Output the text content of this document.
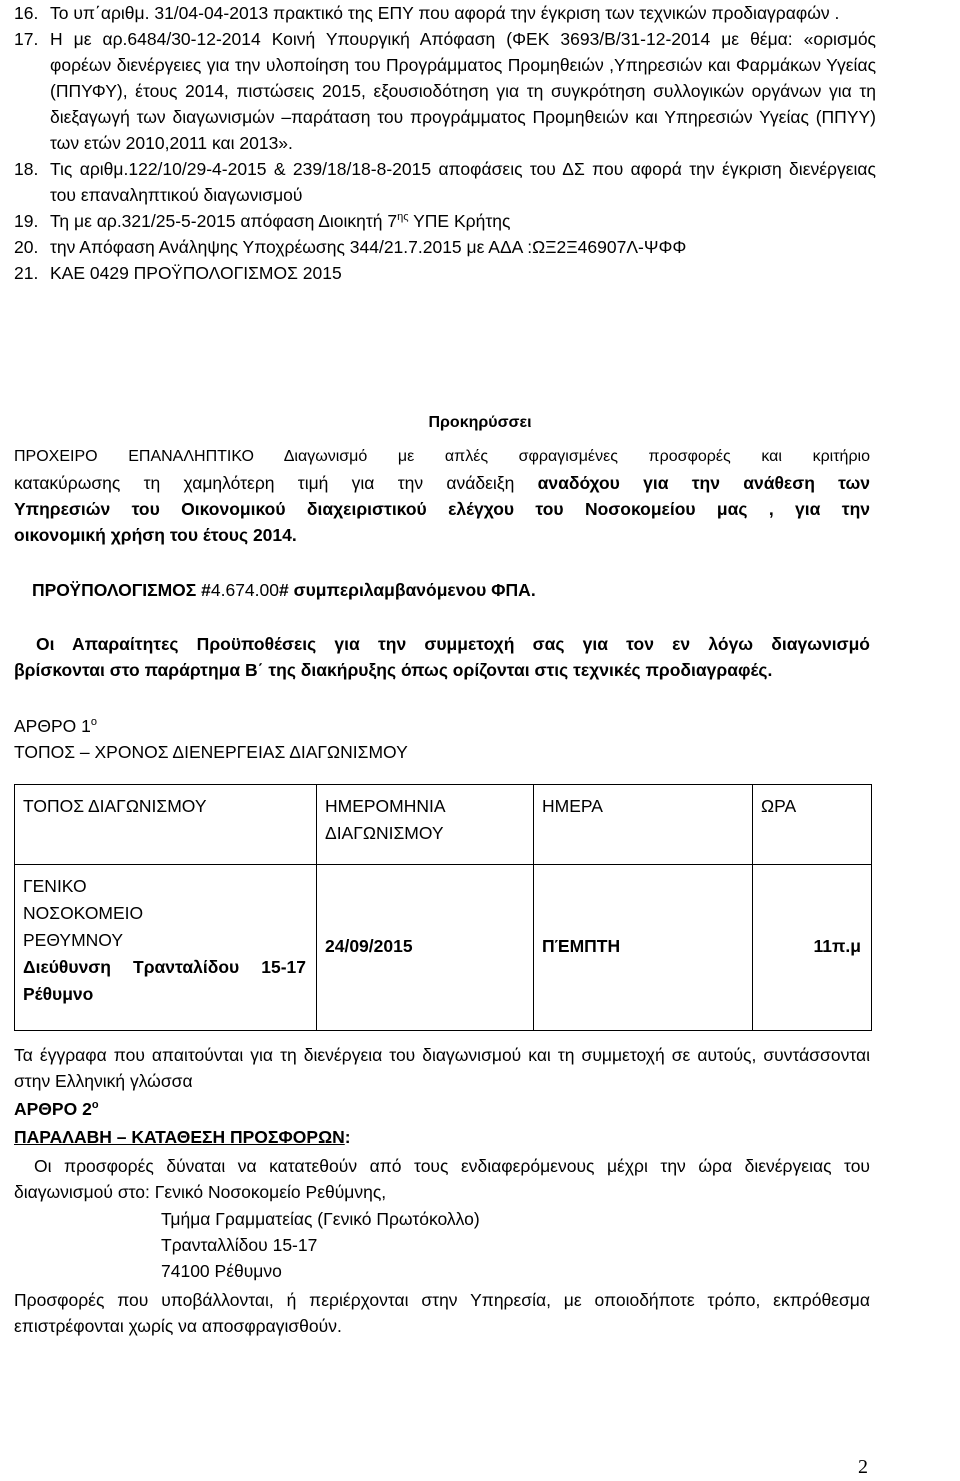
16. Το υπ΄αριθμ. 31/04-04-2013 πρακτικό της ΕΠΥ που αφορά την έγκριση των τεχνικών προδιαγραφών .
17. Η με αρ.6484/30-12-2014 Κοινή Υπουργική Απόφαση (ΦΕΚ 3693/Β/31-12-2014 με θέμα: «ορισμός φορέων διενέργειες για την υλοποίηση του Προγράμματος Προμηθειών ,Υπηρεσιών και Φαρμάκων Υγείας (ΠΠΥΦΥ), έτους 2014, πιστώσεις 2015, εξουσιοδότηση για τη συγκρότηση συλλογικών οργάνων για τη διεξαγωγή των διαγωνισμών –παράταση του προγράμματος Προμηθειών και Υπηρεσιών Υγείας (ΠΠΥΥ) των ετών 2010,2011 και 2013».
18. Τις αριθμ.122/10/29-4-2015 & 239/18/18-8-2015 αποφάσεις του ΔΣ που αφορά την έγκριση διενέργειας του επαναληπτικού διαγωνισμού
19. Τη με αρ.321/25-5-2015 απόφαση Διοικητή $7^{\eta\varsigma}$ ΥΠΕ Κρήτης
20. την Απόφαση Ανάληψης Υποχρέωσης 344/21.7.2015 με ΑΔΑ :ΩΞ2Ξ46907Λ-ΨΦΦ
21. ΚΑΕ 0429 ΠΡΟΫΠΟΛΟΓΙΣΜΟΣ 2015
Προκηρύσσει
ΠΡΟΧΕΙΡΟ ΕΠΑΝΑΛΗΠΤΙΚΟ Διαγωνισμό με απλές σφραγισμένες προσφορές και κριτήριο
κατακύρωσης τη χαμηλότερη τιμή για την ανάδειξη αναδόχου για την ανάθεση των
Υπηρεσιών του Οικονομικού διαχειριστικού ελέγχου του Νοσοκομείου μας , για την
οικονομική χρήση του έτους 2014.
ΠΡΟΫΠΟΛΟΓΙΣΜΟΣ #4.674.00# συμπεριλαμβανόμενου ΦΠΑ.
Οι Απαραίτητες Προϋποθέσεις για την συμμετοχή σας για τον εν λόγω διαγωνισμό
βρίσκονται στο παράρτημα Β΄ της διακήρυξης όπως ορίζονται στις τεχνικές προδιαγραφές.
ΑΡΘΡΟ $1^o$
ΤΟΠΟΣ – ΧΡΟΝΟΣ ΔΙΕΝΕΡΓΕΙΑΣ ΔΙΑΓΩΝΙΣΜΟΥ
ΤΟΠΟΣ ΔΙΑΓΩΝΙΣΜΟΥ	ΗΜΕΡΟΜΗΝΙΑ ΔΙΑΓΩΝΙΣΜΟΥ	ΗΜΕΡΑ	ΩΡΑ

ΓΕΝΙΚΟ ΝΟΣΟΚΟΜΕΙΟ ΡΕΘΥΜΝΟΥ
Διεύθυνση Τρανταλίδου 15-17 Ρέθυμνο	24/09/2015	ΠΈΜΠΤΗ	11π.μ
Τα έγγραφα που απαιτούνται για τη διενέργεια του διαγωνισμού και τη συμμετοχή σε αυτούς, συντάσσονται στην Ελληνική γλώσσα
ΑΡΘΡΟ $2^o$
ΠΑΡΑΛΑΒΗ – ΚΑΤΑΘΕΣΗ ΠΡΟΣΦΟΡΩΝ:
Οι προσφορές δύναται να κατατεθούν από τους ενδιαφερόμενους μέχρι την ώρα διενέργειας του διαγωνισμού στο: Γενικό Νοσοκομείο Ρεθύμνης,
Τμήμα Γραμματείας (Γενικό Πρωτόκολλο)
Τρανταλλίδου 15-17
74100 Ρέθυμνο
Προσφορές που υποβάλλονται, ή περιέρχονται στην Υπηρεσία, με οποιοδήποτε τρόπο, εκπρόθεσμα επιστρέφονται χωρίς να αποσφραγισθούν.
2
